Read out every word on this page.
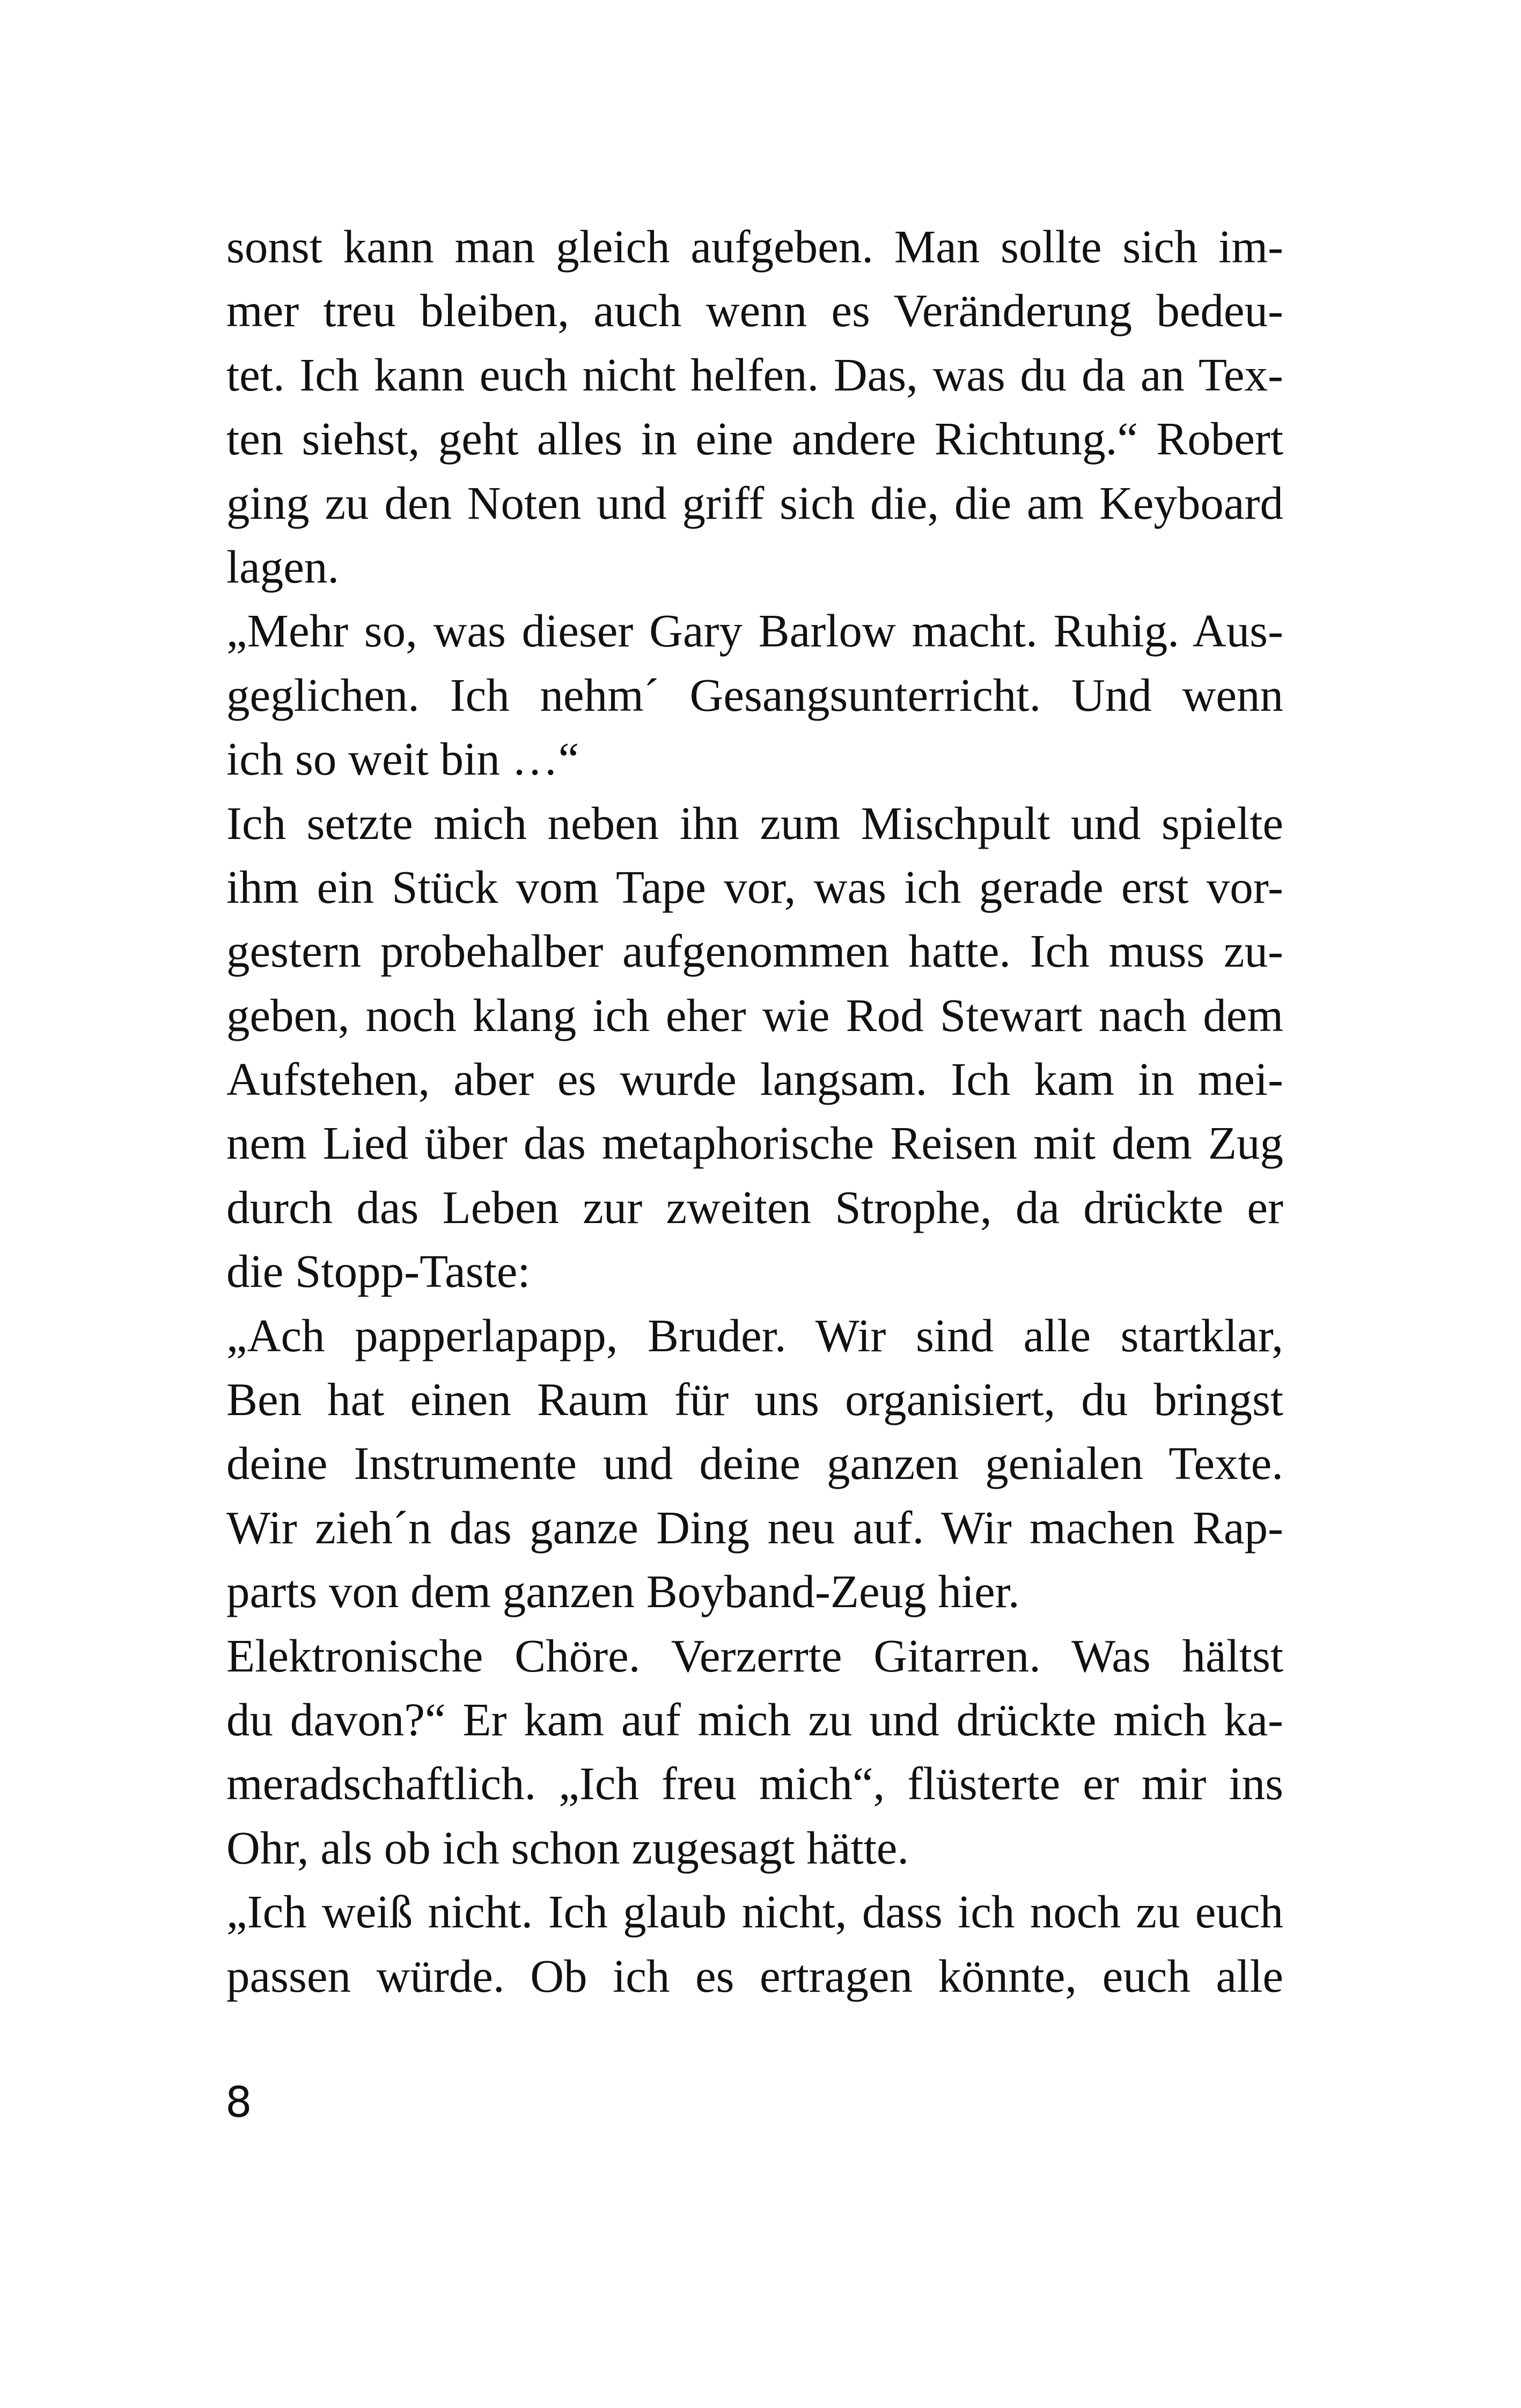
sonst kann man gleich aufgeben. Man sollte sich im-
mer treu bleiben, auch wenn es Veränderung bedeu-
tet. Ich kann euch nicht helfen. Das, was du da an Tex-
ten siehst, geht alles in eine andere Richtung.“ Robert
ging zu den Noten und griff sich die, die am Keyboard
lagen.
„Mehr so, was dieser Gary Barlow macht. Ruhig. Aus-
geglichen. Ich nehm´ Gesangsunterricht. Und wenn
ich so weit bin …“
Ich setzte mich neben ihn zum Mischpult und spielte
ihm ein Stück vom Tape vor, was ich gerade erst vor-
gestern probehalber aufgenommen hatte. Ich muss zu-
geben, noch klang ich eher wie Rod Stewart nach dem
Aufstehen, aber es wurde langsam. Ich kam in mei-
nem Lied über das metaphorische Reisen mit dem Zug
durch das Leben zur zweiten Strophe, da drückte er
die Stopp-Taste:
„Ach papperlapapp, Bruder. Wir sind alle startklar,
Ben hat einen Raum für uns organisiert, du bringst
deine Instrumente und deine ganzen genialen Texte.
Wir zieh´n das ganze Ding neu auf. Wir machen Rap-
parts von dem ganzen Boyband-Zeug hier.
Elektronische Chöre. Verzerrte Gitarren. Was hältst
du davon?“ Er kam auf mich zu und drückte mich ka-
meradschaftlich. „Ich freu mich“, flüsterte er mir ins
Ohr, als ob ich schon zugesagt hätte.
„Ich weiß nicht. Ich glaub nicht, dass ich noch zu euch
passen würde. Ob ich es ertragen könnte, euch alle
8
